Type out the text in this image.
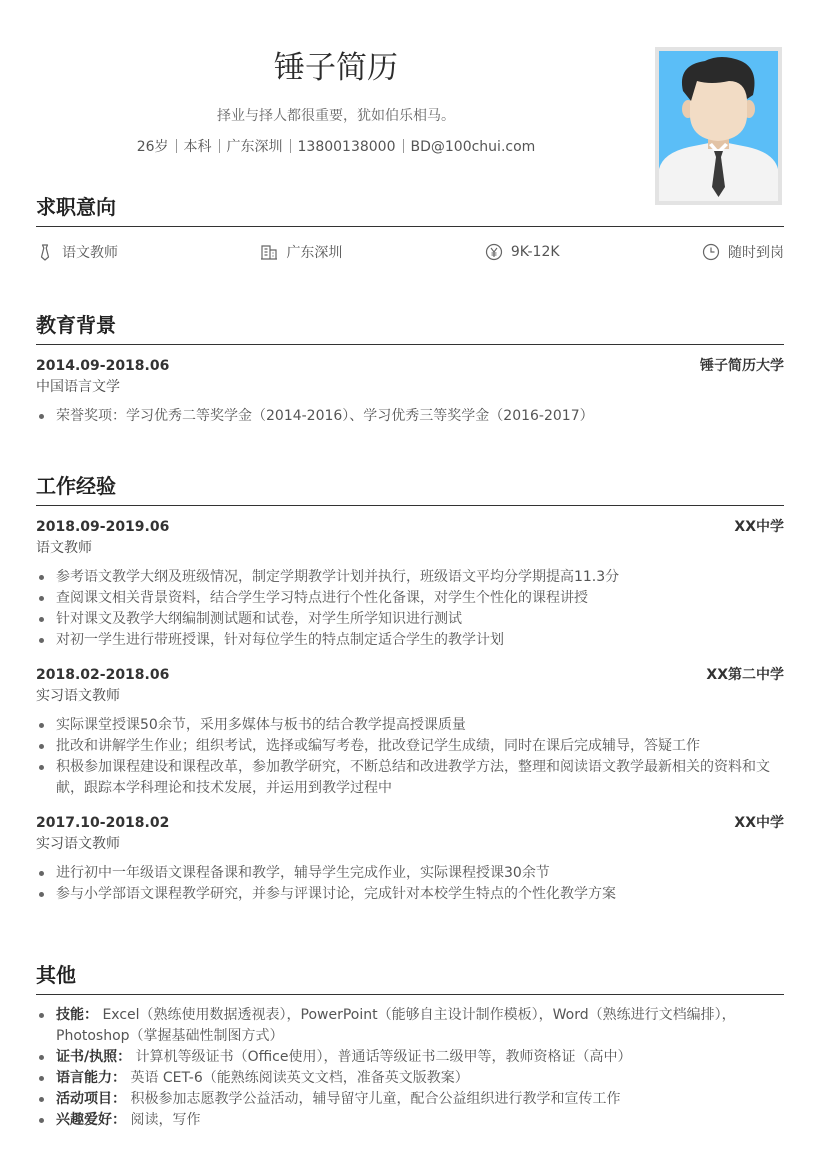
锤子简历
择业与择人都很重要，犹如伯乐相马。
26岁 本科 广东深圳 13800138000 BD@100chui.com
求职意向
语文教师	广东深圳	9K-12K	随时到岗
教育背景
2014.09-2018.06	锤子简历大学
中国语言文学
荣誉奖项：学习优秀二等奖学金（2014-2016）、学习优秀三等奖学金（2016-2017）
工作经验
2018.09-2019.06	XX中学
语文教师
参考语文教学大纲及班级情况，制定学期教学计划并执行，班级语文平均分学期提高11.3分
查阅课文相关背景资料，结合学生学习特点进行个性化备课，对学生个性化的课程讲授
针对课文及教学大纲编制测试题和试卷，对学生所学知识进行测试
对初一学生进行带班授课，针对每位学生的特点制定适合学生的教学计划
2018.02-2018.06	XX第二中学
实习语文教师
实际课堂授课50余节，采用多媒体与板书的结合教学提高授课质量
批改和讲解学生作业；组织考试，选择或编写考卷，批改登记学生成绩，同时在课后完成辅导，答疑工作
积极参加课程建设和课程改革，参加教学研究，不断总结和改进教学方法，整理和阅读语文教学最新相关的资料和文献，跟踪本学科理论和技术发展，并运用到教学过程中
2017.10-2018.02	XX中学
实习语文教师
进行初中一年级语文课程备课和教学，辅导学生完成作业，实际课程授课30余节
参与小学部语文课程教学研究，并参与评课讨论，完成针对本校学生特点的个性化教学方案
其他
技能： Excel（熟练使用数据透视表），PowerPoint（能够自主设计制作模板），Word（熟练进行文档编排），Photoshop（掌握基础性制图方式）
证书/执照： 计算机等级证书（Office使用），普通话等级证书二级甲等，教师资格证（高中）
语言能力： 英语 CET-6（能熟练阅读英文文档，准备英文版教案）
活动项目： 积极参加志愿教学公益活动，辅导留守儿童，配合公益组织进行教学和宣传工作
兴趣爱好： 阅读，写作
